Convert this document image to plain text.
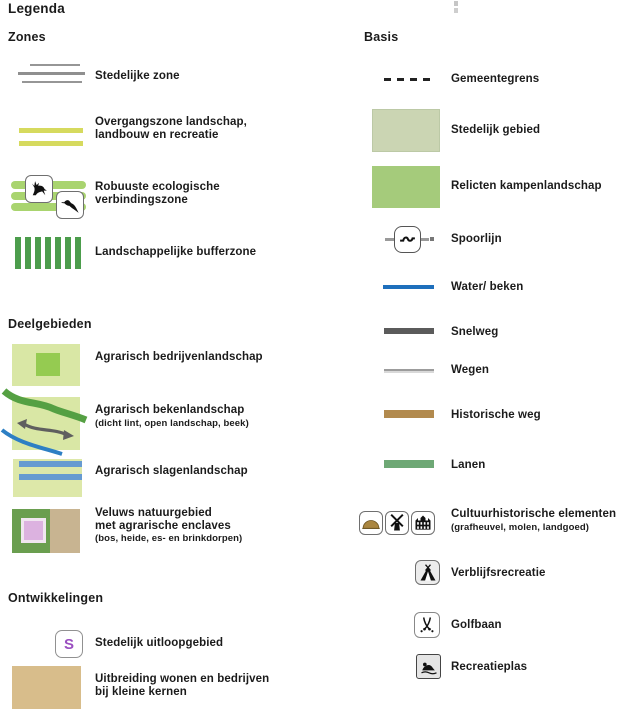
Legenda
Zones
Stedelijke zone
Overgangszone landschap,
landbouw en recreatie
Robuuste ecologische
verbindingszone
Landschappelijke bufferzone
Deelgebieden
Agrarisch bedrijvenlandschap
Agrarisch bekenlandschap
(dicht lint, open landschap, beek)
Agrarisch slagenlandschap
Veluws natuurgebied
met agrarische enclaves
(bos, heide, es- en brinkdorpen)
Ontwikkelingen
S Stedelijk uitloopgebied
Uitbreiding wonen en bedrijven
bij kleine kernen
Basis
Gemeentegrens
Stedelijk gebied
Relicten kampenlandschap
Spoorlijn
Water/ beken
Snelweg
Wegen
Historische weg
Lanen
Cultuurhistorische elementen
(grafheuvel, molen, landgoed)
Verblijfsrecreatie
Golfbaan
Recreatieplas
